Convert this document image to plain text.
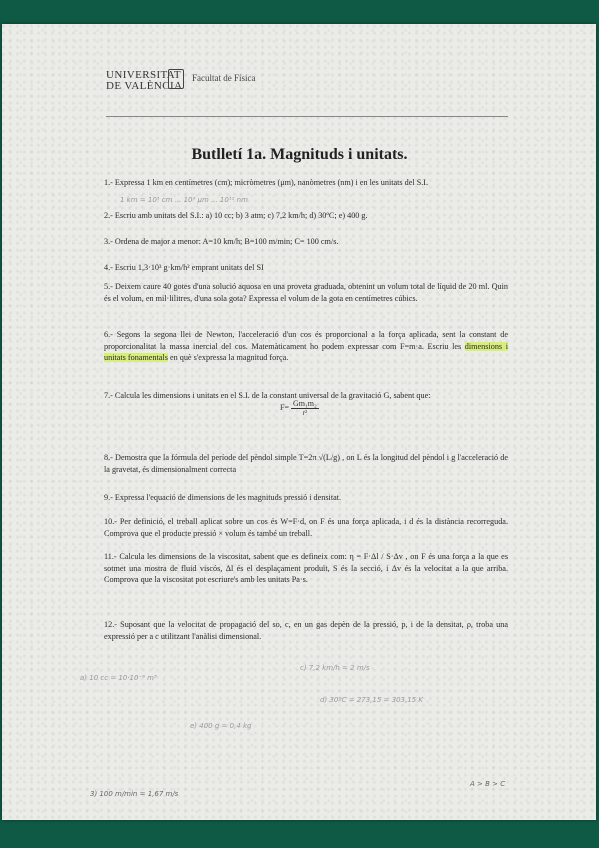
UNIVERSITAT
DE VALÈNCIA
Facultat de Física
Butlletí 1a. Magnituds i unitats.
1.- Expressa 1 km en centímetres (cm); micròmetres (μm), nanòmetres (nm) i en les unitats del S.I.
2.- Escriu amb unitats del S.I.: a) 10 cc; b) 3 atm; c) 7,2 km/h; d) 30ºC; e) 400 g.
3.- Ordena de major a menor: A=10 km/h; B=100 m/min; C= 100 cm/s.
4.- Escriu 1,3·10³ g·km/h² emprant unitats del SI
5.- Deixem caure 40 gotes d'una solució aquosa en una proveta graduada, obtenint un volum total de líquid de 20 ml. Quin és el volum, en mil·lilitres, d'una sola gota? Expressa el volum de la gota en centímetres cúbics.
6.- Segons la segona llei de Newton, l'acceleració d'un cos és proporcional a la força aplicada, sent la constant de proporcionalitat la massa inercial del cos. Matemàticament ho podem expressar com F=m·a. Escriu les dimensions i unitats fonamentals en què s'expressa la magnitud força.
7.- Calcula les dimensions i unitats en el S.I. de la constant universal de la gravitació G, sabent que:
$F= \frac{\text{Gm₁m₂}}{\text{r²}}$
8.- Demostra que la fórmula del període del pèndol simple T=2π √(L/g) , on L és la longitud del pèndol i g l'acceleració de la gravetat, és dimensionalment correcta
9.- Expressa l'equació de dimensions de les magnituds pressió i densitat.
10.- Per definició, el treball aplicat sobre un cos és W=F·d, on F és una força aplicada, i d és la distància recorreguda. Comprova que el producte pressió × volum és també un treball.
11.- Calcula les dimensions de la viscositat, sabent que es defineix com: η = F·Δl / S·Δv , on F és una força a la que es sotmet una mostra de fluid viscós, Δl és el desplaçament produït, S és la secció, i Δv és la velocitat a la que arriba. Comprova que la viscositat pot escriure's amb les unitats Pa·s.
12.- Suposant que la velocitat de propagació del so, c, en un gas depèn de la pressió, p, i de la densitat, ρ, troba una expressió per a c utilitzant l'anàlisi dimensional.
1 km = 10⁵ cm ... 10⁹ μm ... 10¹² nm
a) 10 cc = 10·10⁻⁶ m³
c) 7,2 km/h = 2 m/s
d) 30ºC = 273,15 = 303,15 K
e) 400 g = 0,4 kg
3) 100 m/min = 1,67 m/s
A > B > C
